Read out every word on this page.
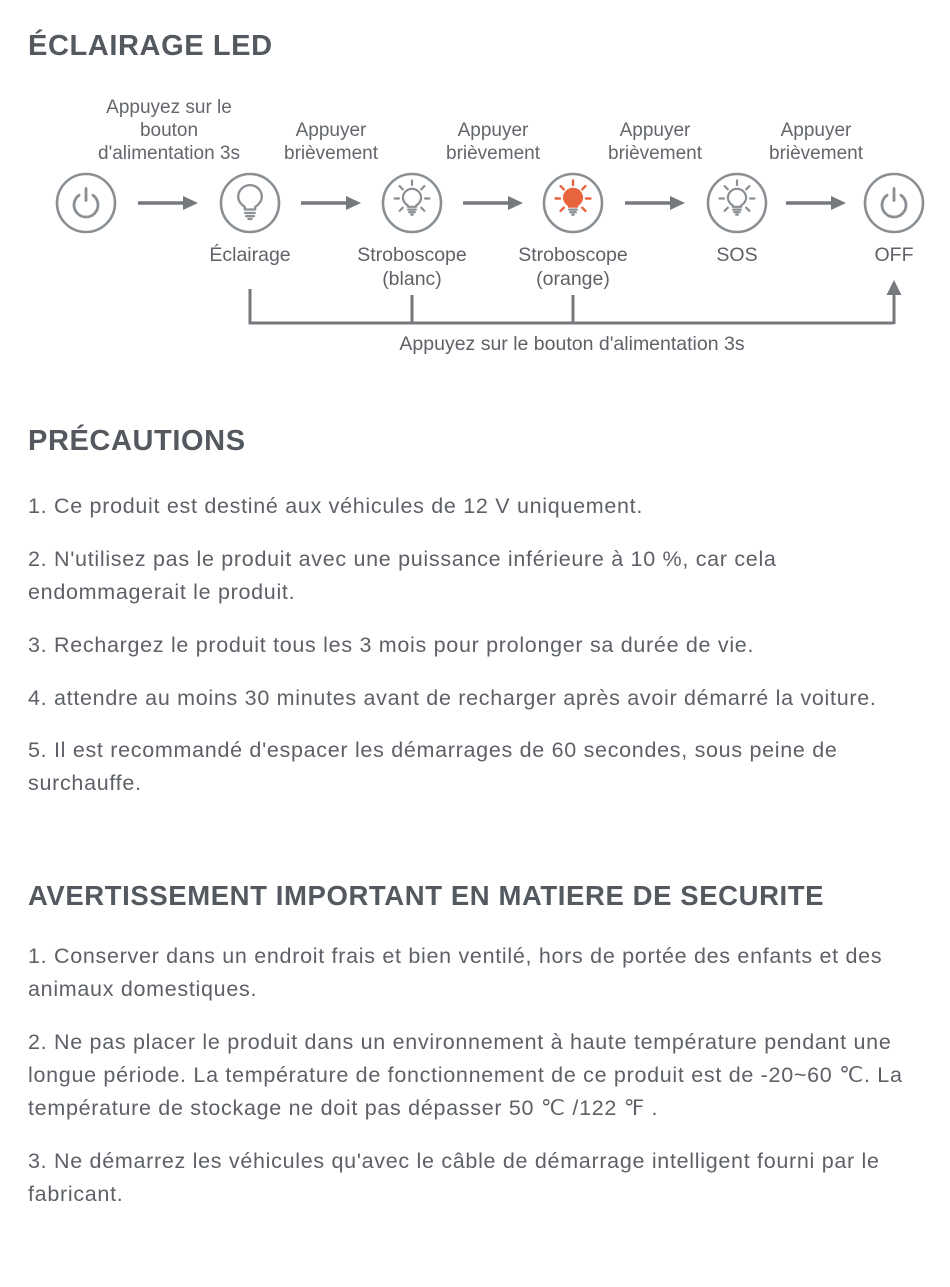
ÉCLAIRAGE LED
Appuyez sur le
bouton
d'alimentation 3s
Appuyer
brièvement
Appuyer
brièvement
Appuyer
brièvement
Appuyer
brièvement
Éclairage	Stroboscope
(blanc)
Stroboscope
(orange)
SOS	OFF
Appuyez sur le bouton d'alimentation 3s
PRÉCAUTIONS

1. Ce produit est destiné aux véhicules de 12 V uniquement.

2. N'utilisez pas le produit avec une puissance inférieure à 10 %, car cela endommagerait le produit.

3. Rechargez le produit tous les 3 mois pour prolonger sa durée de vie.

4. attendre au moins 30 minutes avant de recharger après avoir démarré la voiture.

5. Il est recommandé d'espacer les démarrages de 60 secondes, sous peine de surchauffe.

AVERTISSEMENT IMPORTANT EN MATIERE DE SECURITE

1. Conserver dans un endroit frais et bien ventilé, hors de portée des enfants et des animaux domestiques.

2. Ne pas placer le produit dans un environnement à haute température pendant une longue période. La température de fonctionnement de ce produit est de -20~60 ℃. La température de stockage ne doit pas dépasser 50 ℃ /122 ℉ .

3. Ne démarrez les véhicules qu'avec le câble de démarrage intelligent fourni par le fabricant.
